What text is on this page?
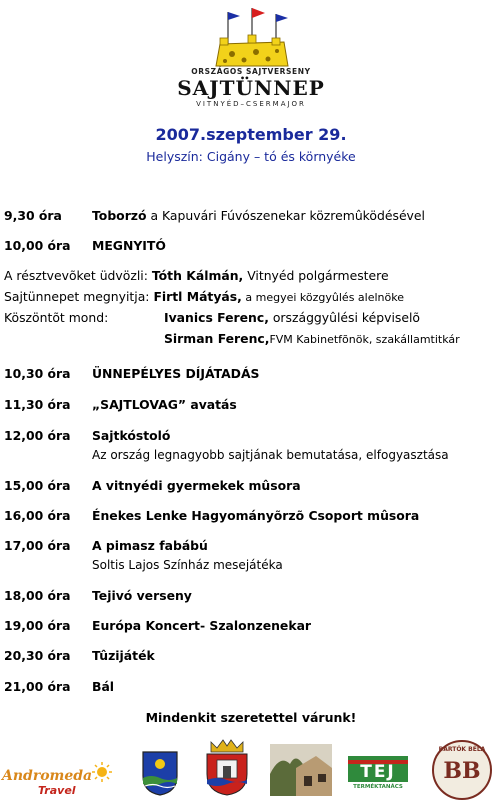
ORSZÁGOS SAJTVERSENY
SAJTÜNNEP
VITNYÉD–CSERMAJOR
2007.szeptember 29.
Helyszín: Cigány – tó és környéke
9,30 óra Toborzó a Kapuvári Fúvószenekar közremûködésével
10,00 óra MEGNYITÓ
A résztvevõket üdvözli: Tóth Kálmán, Vitnyéd polgármestere
Sajtünnepet megnyitja: Firtl Mátyás, a megyei közgyûlés alelnöke
Köszöntõt mond:	Ivanics Ferenc, országgyûlési képviselõ
Sirman Ferenc,FVM Kabinetfõnök, szakállamtitkár
10,30 óra ÜNNEPÉLYES DÍJÁTADÁS
11,30 óra „SAJTLOVAG” avatás
12,00 óra Sajtkóstoló
Az ország legnagyobb sajtjának bemutatása, elfogyasztása
15,00 óra A vitnyédi gyermekek mûsora
16,00 óra Énekes Lenke Hagyományõrzõ Csoport mûsora
17,00 óra A pimasz fabábú
Soltis Lajos Színház mesejátéka
18,00 óra Tejivó verseny
19,00 óra Európa Koncert- Szalonzenekar
20,30 óra Tûzijáték
21,00 óra Bál
Mindenkit szeretettel várunk!
Andromeda
Travel
TEJ
TERMÉKTANÁCS
BARTÓK BÉLA
BB
